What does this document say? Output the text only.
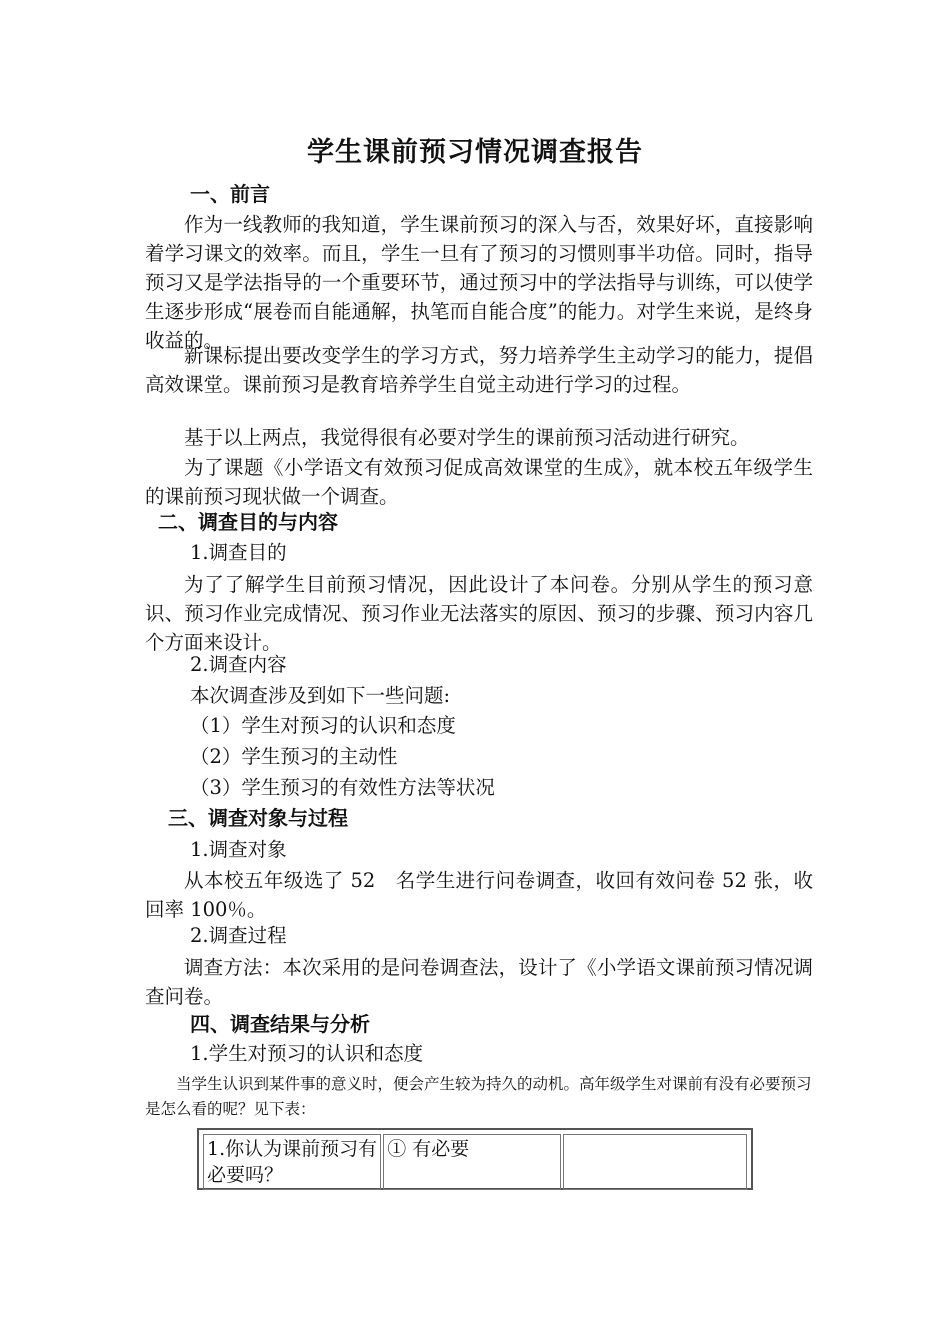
学生课前预习情况调查报告
一、前言

作为一线教师的我知道，学生课前预习的深入与否，效果好坏，直接影响着学习课文的效率。而且，学生一旦有了预习的习惯则事半功倍。同时，指导预习又是学法指导的一个重要环节，通过预习中的学法指导与训练，可以使学生逐步形成“展卷而自能通解，执笔而自能合度”的能力。对学生来说，是终身收益的。

新课标提出要改变学生的学习方式，努力培养学生主动学习的能力，提倡高效课堂。课前预习是教育培养学生自觉主动进行学习的过程。

基于以上两点，我觉得很有必要对学生的课前预习活动进行研究。

为了课题《小学语文有效预习促成高效课堂的生成》，就本校五年级学生的课前预习现状做一个调查。

二、调查目的与内容
1.调查目的

为了了解学生目前预习情况，因此设计了本问卷。分别从学生的预习意识、预习作业完成情况、预习作业无法落实的原因、预习的步骤、预习内容几个方面来设计。

2.调查内容
本次调查涉及到如下一些问题:
（1）学生对预习的认识和态度
（2）学生预习的主动性
（3）学生预习的有效性方法等状况
三、调查对象与过程
1.调查对象

从本校五年级选了 52　名学生进行问卷调查，收回有效问卷 52 张，收回率 100％。

2.调查过程

调查方法：本次采用的是问卷调查法，设计了《小学语文课前预习情况调查问卷。

四、调查结果与分析
1.学生对预习的认识和态度

当学生认识到某件事的意义时，便会产生较为持久的动机。高年级学生对课前有没有必要预习是怎么看的呢？见下表：

1.你认为课前预习有必要吗？	① 有必要	
